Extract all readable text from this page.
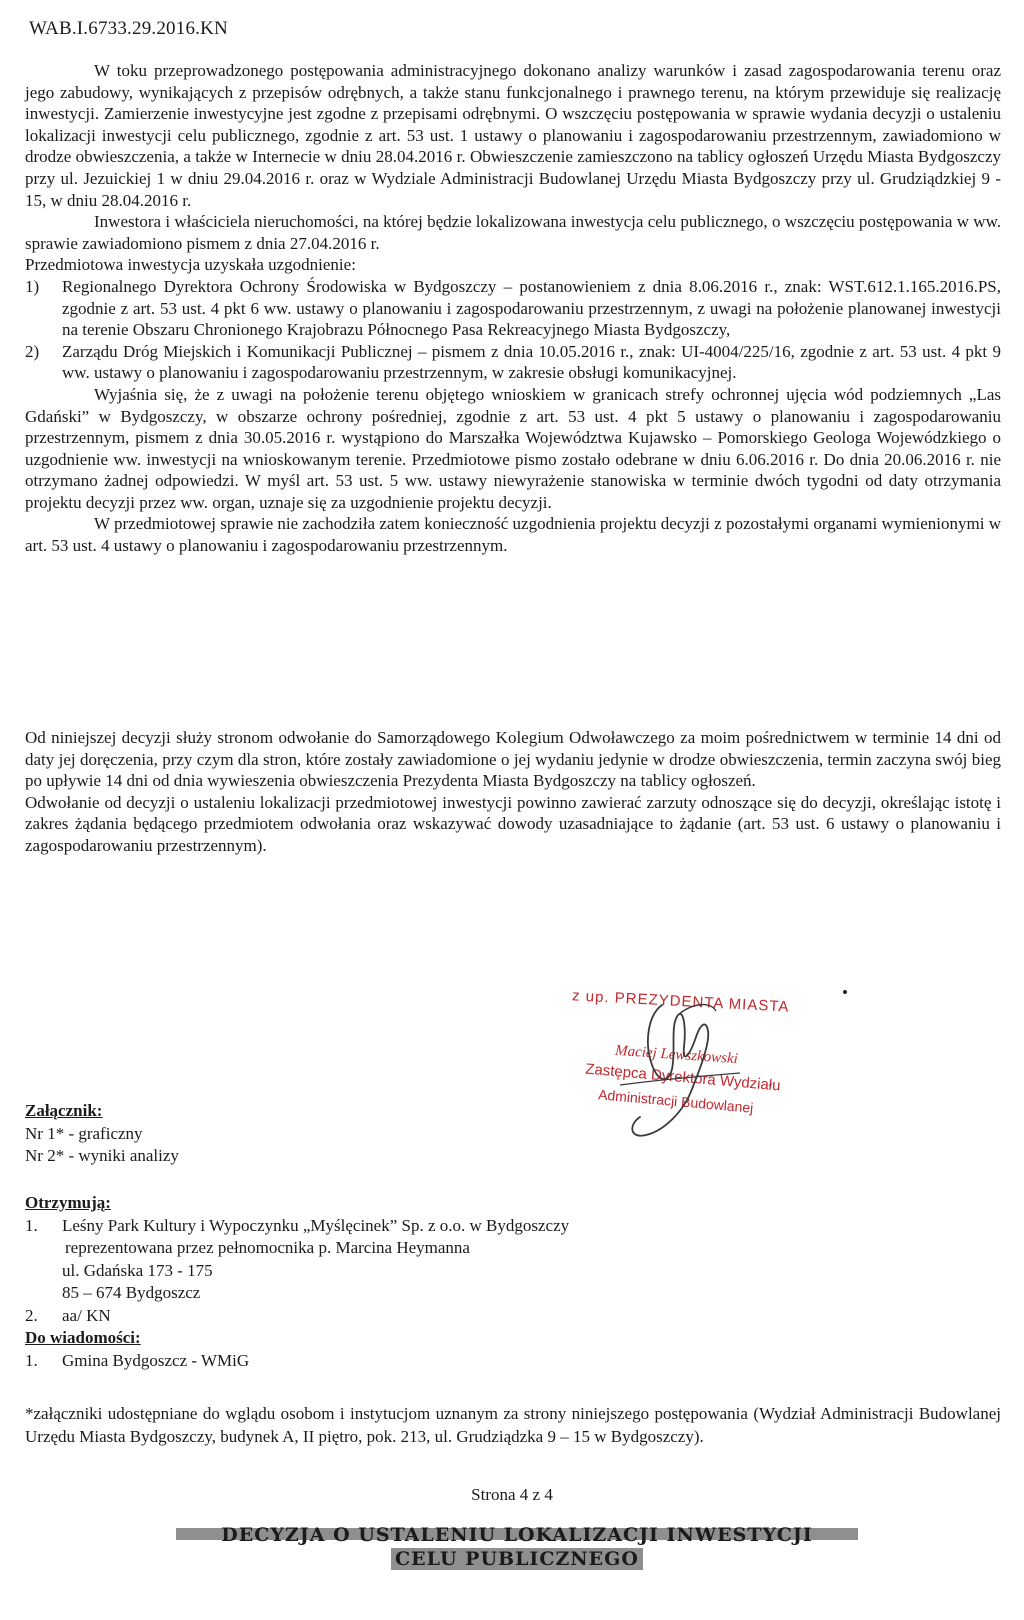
WAB.I.6733.29.2016.KN

W toku przeprowadzonego postępowania administracyjnego dokonano analizy warunków i zasad zagospodarowania terenu oraz jego zabudowy, wynikających z przepisów odrębnych, a także stanu funkcjonalnego i prawnego terenu, na którym przewiduje się realizację inwestycji. Zamierzenie inwestycyjne jest zgodne z przepisami odrębnymi. O wszczęciu postępowania w sprawie wydania decyzji o ustaleniu lokalizacji inwestycji celu publicznego, zgodnie z art. 53 ust. 1 ustawy o planowaniu i zagospodarowaniu przestrzennym, zawiadomiono w drodze obwieszczenia, a także w Internecie w dniu 28.04.2016 r. Obwieszczenie zamieszczono na tablicy ogłoszeń Urzędu Miasta Bydgoszczy przy ul. Jezuickiej 1 w dniu 29.04.2016 r. oraz w Wydziale Administracji Budowlanej Urzędu Miasta Bydgoszczy przy ul. Grudziądzkiej 9 - 15, w dniu 28.04.2016 r.

Inwestora i właściciela nieruchomości, na której będzie lokalizowana inwestycja celu publicznego, o wszczęciu postępowania w ww. sprawie zawiadomiono pismem z dnia 27.04.2016 r.

Przedmiotowa inwestycja uzyskała uzgodnienie:

1)	Regionalnego Dyrektora Ochrony Środowiska w Bydgoszczy – postanowieniem z dnia 8.06.2016 r., znak: WST.612.1.165.2016.PS, zgodnie z art. 53 ust. 4 pkt 6 ww. ustawy o planowaniu i zagospodarowaniu przestrzennym, z uwagi na położenie planowanej inwestycji na terenie Obszaru Chronionego Krajobrazu Północnego Pasa Rekreacyjnego Miasta Bydgoszczy,
2)	Zarządu Dróg Miejskich i Komunikacji Publicznej – pismem z dnia 10.05.2016 r., znak: UI-4004/225/16, zgodnie z art. 53 ust. 4 pkt 9 ww. ustawy o planowaniu i zagospodarowaniu przestrzennym, w zakresie obsługi komunikacyjnej.

Wyjaśnia się, że z uwagi na położenie terenu objętego wnioskiem w granicach strefy ochronnej ujęcia wód podziemnych „Las Gdański” w Bydgoszczy, w obszarze ochrony pośredniej, zgodnie z art. 53 ust. 4 pkt 5 ustawy o planowaniu i zagospodarowaniu przestrzennym, pismem z dnia 30.05.2016 r. wystąpiono do Marszałka Województwa Kujawsko – Pomorskiego Geologa Wojewódzkiego o uzgodnienie ww. inwestycji na wnioskowanym terenie. Przedmiotowe pismo zostało odebrane w dniu 6.06.2016 r. Do dnia 20.06.2016 r. nie otrzymano żadnej odpowiedzi. W myśl art. 53 ust. 5 ww. ustawy niewyrażenie stanowiska w terminie dwóch tygodni od daty otrzymania projektu decyzji przez ww. organ, uznaje się za uzgodnienie projektu decyzji.

W przedmiotowej sprawie nie zachodziła zatem konieczność uzgodnienia projektu decyzji z pozostałymi organami wymienionymi w art. 53 ust. 4 ustawy o planowaniu i zagospodarowaniu przestrzennym.

Od niniejszej decyzji służy stronom odwołanie do Samorządowego Kolegium Odwoławczego za moim pośrednictwem w terminie 14 dni od daty jej doręczenia, przy czym dla stron, które zostały zawiadomione o jej wydaniu jedynie w drodze obwieszczenia, termin zaczyna swój bieg po upływie 14 dni od dnia wywieszenia obwieszczenia Prezydenta Miasta Bydgoszczy na tablicy ogłoszeń.

Odwołanie od decyzji o ustaleniu lokalizacji przedmiotowej inwestycji powinno zawierać zarzuty odnoszące się do decyzji, określając istotę i zakres żądania będącego przedmiotem odwołania oraz wskazywać dowody uzasadniające to żądanie (art. 53 ust. 6 ustawy o planowaniu i zagospodarowaniu przestrzennym).

z up. PREZYDENTA MIASTA
Maciej Lewszkowski
Zastępca Dyrektora Wydziału
Administracji Budowlanej
Załącznik:
Nr 1* - graficzny
Nr 2* - wyniki analizy
Otrzymują:
1.	Leśny Park Kultury i Wypoczynku „Myślęcinek” Sp. z o.o. w Bydgoszczy
reprezentowana przez pełnomocnika p. Marcina Heymanna
ul. Gdańska 173 - 175
85 – 674 Bydgoszcz
2.	aa/ KN
Do wiadomości:
1.	Gmina Bydgoszcz - WMiG
*załączniki udostępniane do wglądu osobom i instytucjom uznanym za strony niniejszego postępowania (Wydział Administracji Budowlanej Urzędu Miasta Bydgoszczy, budynek A, II piętro, pok. 213, ul. Grudziądzka 9 – 15 w Bydgoszczy).
Strona 4 z 4
DECYZJA O USTALENIU LOKALIZACJI INWESTYCJI
CELU PUBLICZNEGO
